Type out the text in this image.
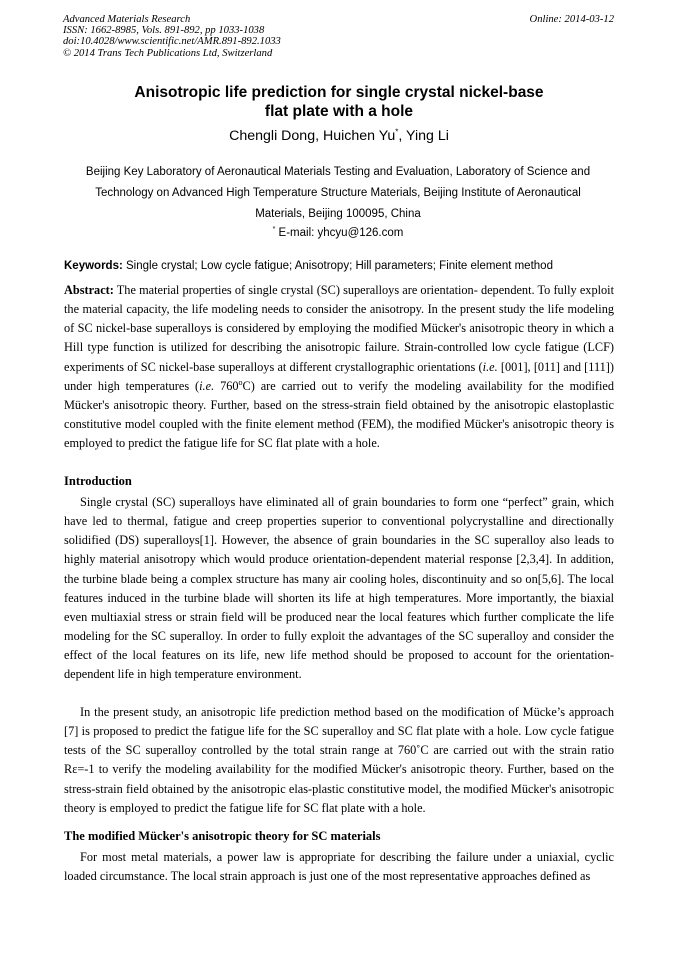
Advanced Materials Research
ISSN: 1662-8985, Vols. 891-892, pp 1033-1038
doi:10.4028/www.scientific.net/AMR.891-892.1033
© 2014 Trans Tech Publications Ltd, Switzerland
Online: 2014-03-12
Anisotropic life prediction for single crystal nickel-base
flat plate with a hole
Chengli Dong, Huichen Yu*, Ying Li
Beijing Key Laboratory of Aeronautical Materials Testing and Evaluation, Laboratory of Science and
Technology on Advanced High Temperature Structure Materials, Beijing Institute of Aeronautical
Materials, Beijing 100095, China
* E-mail: yhcyu@126.com
Keywords: Single crystal; Low cycle fatigue; Anisotropy; Hill parameters; Finite element method
Abstract: The material properties of single crystal (SC) superalloys are orientation- dependent. To fully exploit the material capacity, the life modeling needs to consider the anisotropy. In the present study the life modeling of SC nickel-base superalloys is considered by employing the modified Mücker's anisotropic theory in which a Hill type function is utilized for describing the anisotropic failure. Strain-controlled low cycle fatigue (LCF) experiments of SC nickel-base superalloys at different crystallographic orientations (i.e. [001], [011] and [111]) under high temperatures (i.e. 760$^o$C) are carried out to verify the modeling availability for the modified Mücker's anisotropic theory. Further, based on the stress-strain field obtained by the anisotropic elastoplastic constitutive model coupled with the finite element method (FEM), the modified Mücker's anisotropic theory is employed to predict the fatigue life for SC flat plate with a hole.
Introduction
Single crystal (SC) superalloys have eliminated all of grain boundaries to form one “perfect” grain, which have led to thermal, fatigue and creep properties superior to conventional polycrystalline and directionally solidified (DS) superalloys[1]. However, the absence of grain boundaries in the SC superalloy also leads to highly material anisotropy which would produce orientation-dependent material response [2,3,4]. In addition, the turbine blade being a complex structure has many air cooling holes, discontinuity and so on[5,6]. The local features induced in the turbine blade will shorten its life at high temperatures. More importantly, the biaxial even multiaxial stress or strain field will be produced near the local features which further complicate the life modeling for the SC superalloy. In order to fully exploit the advantages of the SC superalloy and consider the effect of the local features on its life, new life method should be proposed to account for the orientation-dependent life in high temperature environment.
In the present study, an anisotropic life prediction method based on the modification of Mücke’s approach [7] is proposed to predict the fatigue life for the SC superalloy and SC flat plate with a hole. Low cycle fatigue tests of the SC superalloy controlled by the total strain range at 760˚C are carried out with the strain ratio Rε=-1 to verify the modeling availability for the modified Mücker's anisotropic theory. Further, based on the stress-strain field obtained by the anisotropic elas-plastic constitutive model, the modified Mücker's anisotropic theory is employed to predict the fatigue life for SC flat plate with a hole.
The modified Mücker's anisotropic theory for SC materials
For most metal materials, a power law is appropriate for describing the failure under a uniaxial, cyclic loaded circumstance. The local strain approach is just one of the most representative approaches defined as
